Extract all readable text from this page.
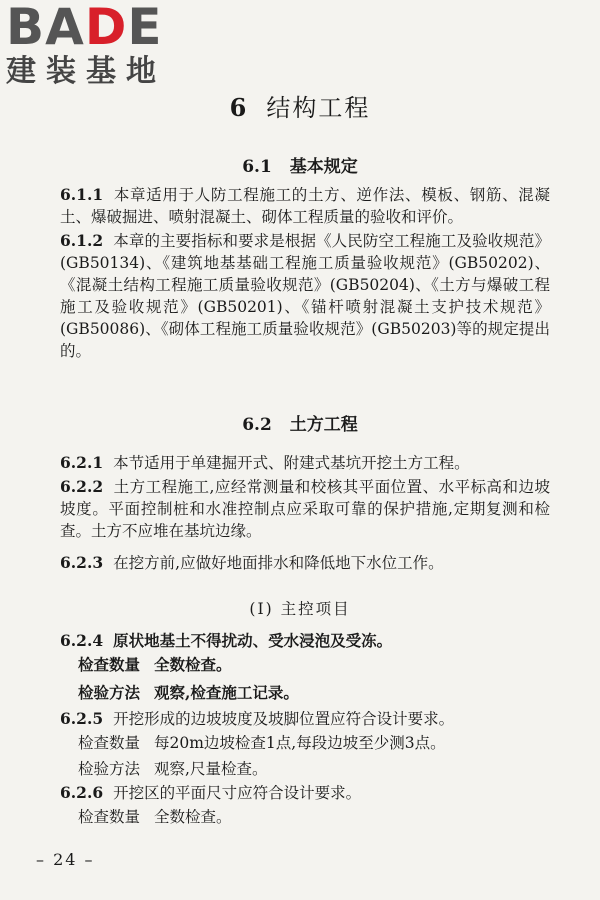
BADE
建装基地
6 结构工程
6.1 基本规定
6.1.1 本章适用于人防工程施工的土方、逆作法、模板、钢筋、混凝土、爆破掘进、喷射混凝土、砌体工程质量的验收和评价。
6.1.2 本章的主要指标和要求是根据《人民防空工程施工及验收规范》(GB50134)、《建筑地基基础工程施工质量验收规范》(GB50202)、《混凝土结构工程施工质量验收规范》(GB50204)、《土方与爆破工程施工及验收规范》(GB50201)、《锚杆喷射混凝土支护技术规范》(GB50086)、《砌体工程施工质量验收规范》(GB50203)等的规定提出的。
6.2 土方工程
6.2.1 本节适用于单建掘开式、附建式基坑开挖土方工程。
6.2.2 土方工程施工,应经常测量和校核其平面位置、水平标高和边坡坡度。平面控制桩和水准控制点应采取可靠的保护措施,定期复测和检查。土方不应堆在基坑边缘。
6.2.3 在挖方前,应做好地面排水和降低地下水位工作。
(Ⅰ) 主控项目
6.2.4 原状地基土不得扰动、受水浸泡及受冻。
检查数量 全数检查。
检验方法 观察,检查施工记录。
6.2.5 开挖形成的边坡坡度及坡脚位置应符合设计要求。
检查数量 每20m边坡检查1点,每段边坡至少测3点。
检验方法 观察,尺量检查。
6.2.6 开挖区的平面尺寸应符合设计要求。
检查数量 全数检查。
– 24 –
